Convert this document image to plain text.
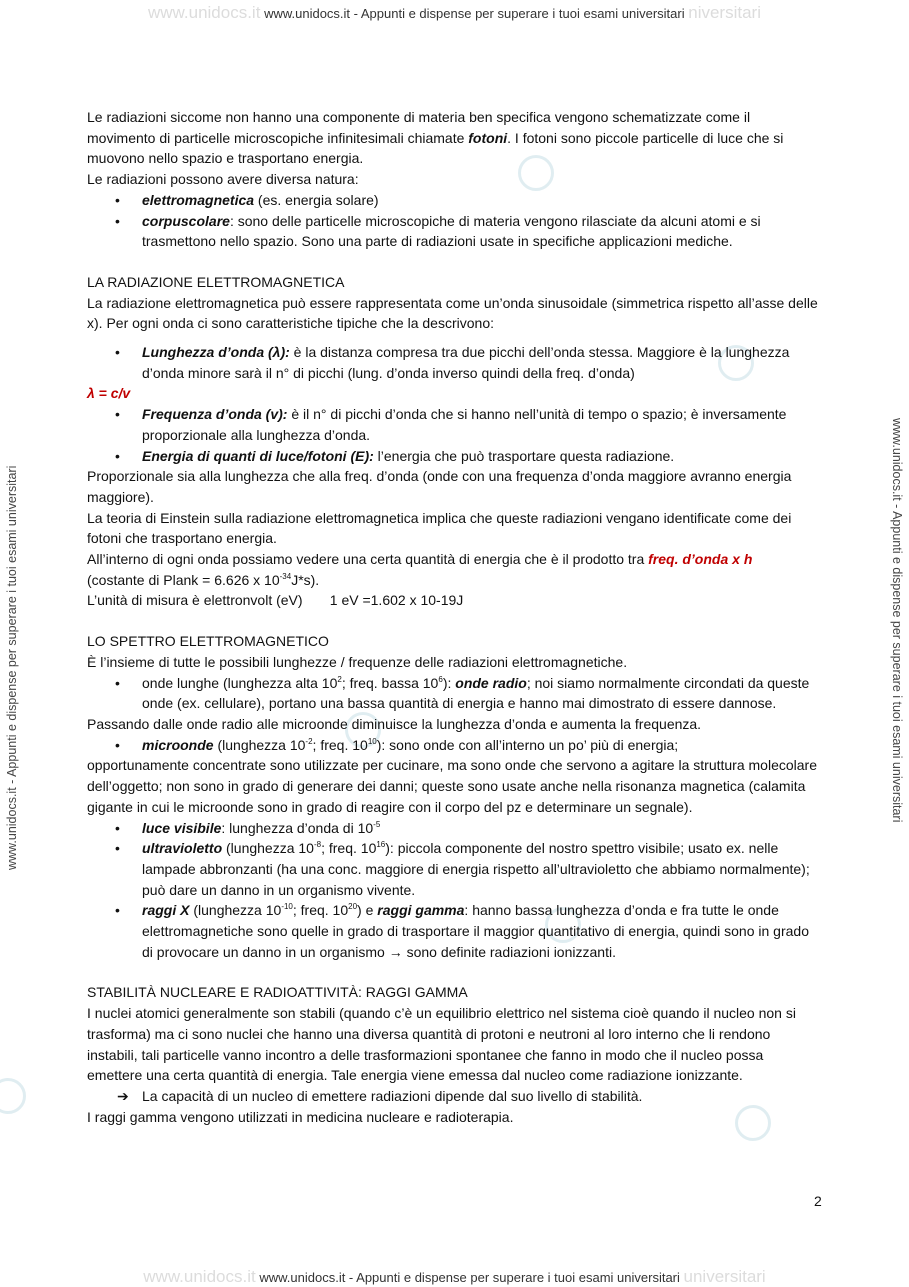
www.unidocs.it www.unidocs.it - Appunti e dispense per superare i tuoi esami universitari niversitari
www.unidocs.it - Appunti e dispense per superare i tuoi esami universitari	www.unidocs.it - Appunti e dispense per superare i tuoi esami universitari

Le radiazioni siccome non hanno una componente di materia ben specifica vengono schematizzate come il movimento di particelle microscopiche infinitesimali chiamate fotoni. I fotoni sono piccole particelle di luce che si muovono nello spazio e trasportano energia.

Le radiazioni possono avere diversa natura:

• elettromagnetica (es. energia solare)

• corpuscolare: sono delle particelle microscopiche di materia vengono rilasciate da alcuni atomi e si trasmettono nello spazio. Sono una parte di radiazioni usate in specifiche applicazioni mediche.

LA RADIAZIONE ELETTROMAGNETICA

La radiazione elettromagnetica può essere rappresentata come un’onda sinusoidale (simmetrica rispetto all’asse delle x). Per ogni onda ci sono caratteristiche tipiche che la descrivono:

• Lunghezza d’onda (λ): è la distanza compresa tra due picchi dell’onda stessa. Maggiore è la lunghezza d’onda minore sarà il n° di picchi (lung. d’onda inverso quindi della freq. d’onda)

λ = c/v

• Frequenza d’onda (v): è il n° di picchi d’onda che si hanno nell’unità di tempo o spazio; è inversamente proporzionale alla lunghezza d’onda.

• Energia di quanti di luce/fotoni (E): l’energia che può trasportare questa radiazione.

Proporzionale sia alla lunghezza che alla freq. d’onda (onde con una frequenza d’onda maggiore avranno energia maggiore).

La teoria di Einstein sulla radiazione elettromagnetica implica che queste radiazioni vengano identificate come dei fotoni che trasportano energia.

All’interno di ogni onda possiamo vedere una certa quantità di energia che è il prodotto tra freq. d’onda x h
(costante di Plank = 6.626 x $10^{-34}J*s$).

L’unità di misura è elettronvolt (eV)       1 eV =1.602 x 10-19J

LO SPETTRO ELETTROMAGNETICO

È l’insieme di tutte le possibili lunghezze / frequenze delle radiazioni elettromagnetiche.

• onde lunghe (lunghezza alta $10^2$; freq. bassa $10^6$): onde radio; noi siamo normalmente circondati da queste onde (ex. cellulare), portano una bassa quantità di energia e hanno mai dimostrato di essere dannose.

Passando dalle onde radio alle microonde diminuisce la lunghezza d’onda e aumenta la frequenza.

• microonde (lunghezza $10^{-2}$; freq. $10^{10}$): sono onde con all’interno un po’ più di energia;

opportunamente concentrate sono utilizzate per cucinare, ma sono onde che servono a agitare la struttura molecolare dell’oggetto; non sono in grado di generare dei danni; queste sono usate anche nella risonanza magnetica (calamita gigante in cui le microonde sono in grado di reagire con il corpo del pz e determinare un segnale).

• luce visibile: lunghezza d’onda di $10^{-5}$

• ultravioletto (lunghezza $10^{-8}$; freq. $10^{16}$): piccola componente del nostro spettro visibile; usato ex. nelle lampade abbronzanti (ha una conc. maggiore di energia rispetto all’ultravioletto che abbiamo normalmente); può dare un danno in un organismo vivente.

• raggi X (lunghezza $10^{-10}$; freq. $10^{20}$) e raggi gamma: hanno bassa lunghezza d’onda e fra tutte le onde elettromagnetiche sono quelle in grado di trasportare il maggior quantitativo di energia, quindi sono in grado di provocare un danno in un organismo → sono definite radiazioni ionizzanti.

STABILITÀ NUCLEARE E RADIOATTIVITÀ: RAGGI GAMMA

I nuclei atomici generalmente son stabili (quando c’è un equilibrio elettrico nel sistema cioè quando il nucleo non si trasforma) ma ci sono nuclei che hanno una diversa quantità di protoni e neutroni al loro interno che li rendono instabili, tali particelle vanno incontro a delle trasformazioni spontanee che fanno in modo che il nucleo possa emettere una certa quantità di energia. Tale energia viene emessa dal nucleo come radiazione ionizzante.

➔ La capacità di un nucleo di emettere radiazioni dipende dal suo livello di stabilità.

I raggi gamma vengono utilizzati in medicina nucleare e radioterapia.

2
www.unidocs.it www.unidocs.it - Appunti e dispense per superare i tuoi esami universitari universitari
